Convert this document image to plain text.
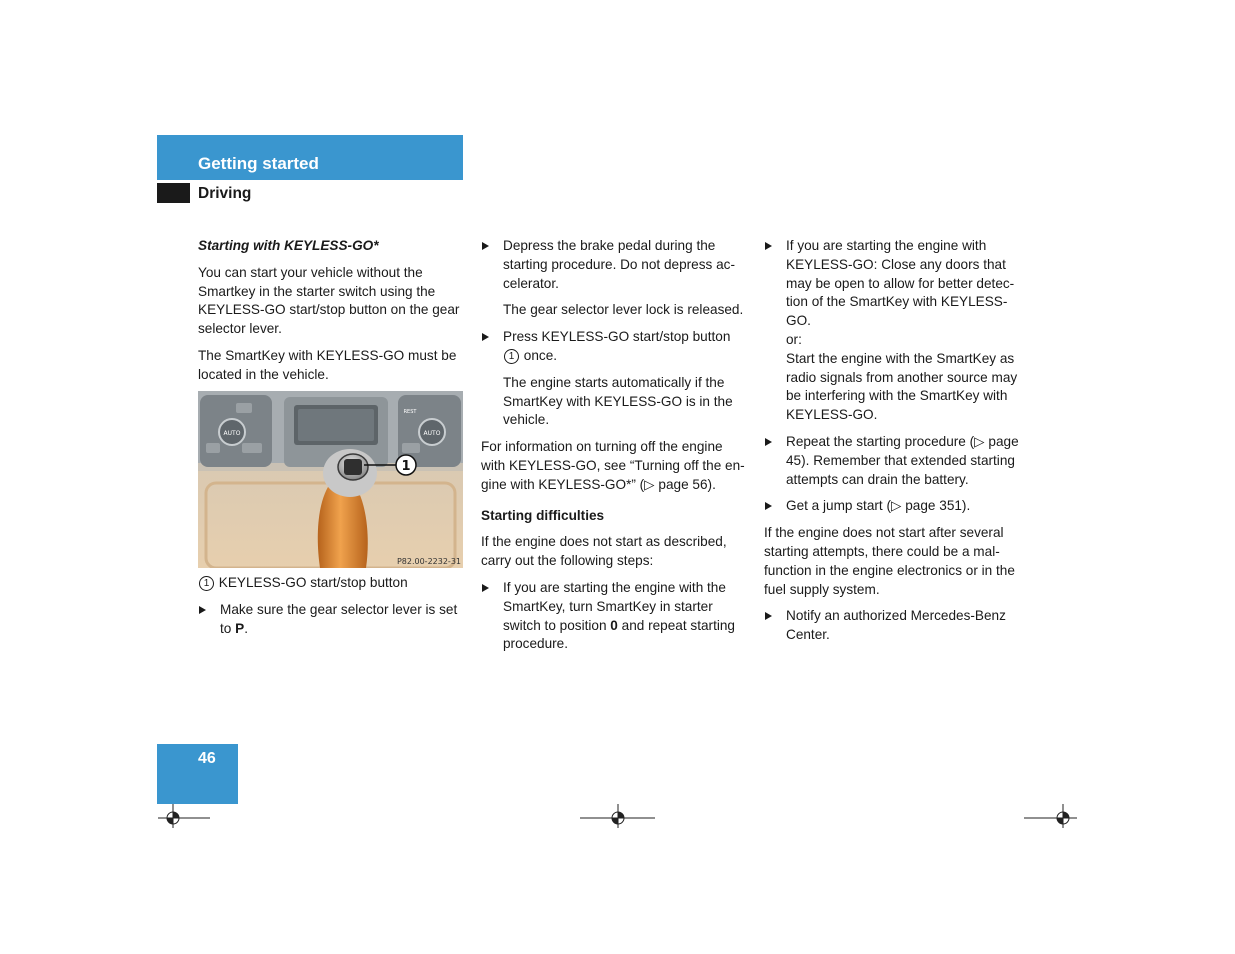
Getting started
Driving

Starting with KEYLESS-GO*

You can start your vehicle without the Smartkey in the starter switch using the KEYLESS-GO start/stop button on the gear selector lever.

The SmartKey with KEYLESS-GO must be located in the vehicle.

AUTO	AUTO
REST
1
P82.00-2232-31

1 KEYLESS-GO start/stop button

Make sure the gear selector lever is set to P.

Depress the brake pedal during the starting procedure. Do not depress ac-celerator.

The gear selector lever lock is released.

Press KEYLESS-GO start/stop button 1 once.

The engine starts automatically if the SmartKey with KEYLESS-GO is in the vehicle.

For information on turning off the engine with KEYLESS-GO, see “Turning off the en-gine with KEYLESS-GO*” (▷ page 56).

Starting difficulties

If the engine does not start as described, carry out the following steps:

If you are starting the engine with the SmartKey, turn SmartKey in starter switch to position 0 and repeat starting procedure.

If you are starting the engine with KEYLESS-GO: Close any doors that may be open to allow for better detec-tion of the SmartKey with KEYLESS-GO.
or:
Start the engine with the SmartKey as radio signals from another source may be interfering with the SmartKey with KEYLESS-GO.

Repeat the starting procedure (▷ page 45). Remember that extended starting attempts can drain the battery.

Get a jump start (▷ page 351).

If the engine does not start after several starting attempts, there could be a mal-function in the engine electronics or in the fuel supply system.

Notify an authorized Mercedes-Benz Center.

46
